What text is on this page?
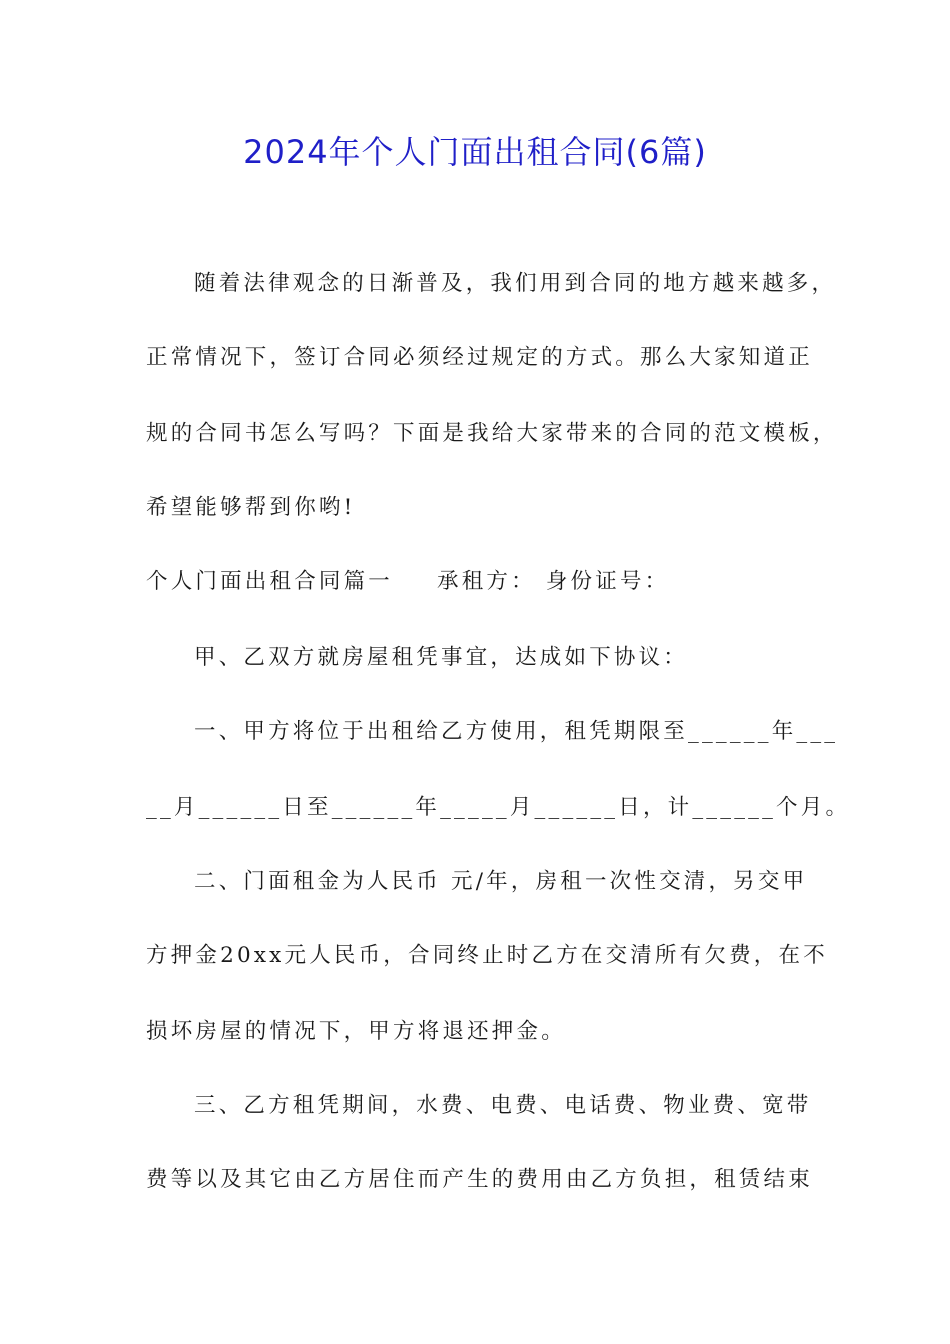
2024年个人门面出租合同(6篇)
随着法律观念的日渐普及，我们用到合同的地方越来越多，
正常情况下，签订合同必须经过规定的方式。那么大家知道正
规的合同书怎么写吗？下面是我给大家带来的合同的范文模板，
希望能够帮到你哟!
个人门面出租合同篇一 承租方： 身份证号：
甲、乙双方就房屋租凭事宜，达成如下协议：
一、甲方将位于出租给乙方使用，租凭期限至______年___
__月______日至______年_____月______日，计______个月。
二、门面租金为人民币 元/年，房租一次性交清，另交甲
方押金20xx元人民币，合同终止时乙方在交清所有欠费，在不
损坏房屋的情况下，甲方将退还押金。
三、乙方租凭期间，水费、电费、电话费、物业费、宽带
费等以及其它由乙方居住而产生的费用由乙方负担，租赁结束
